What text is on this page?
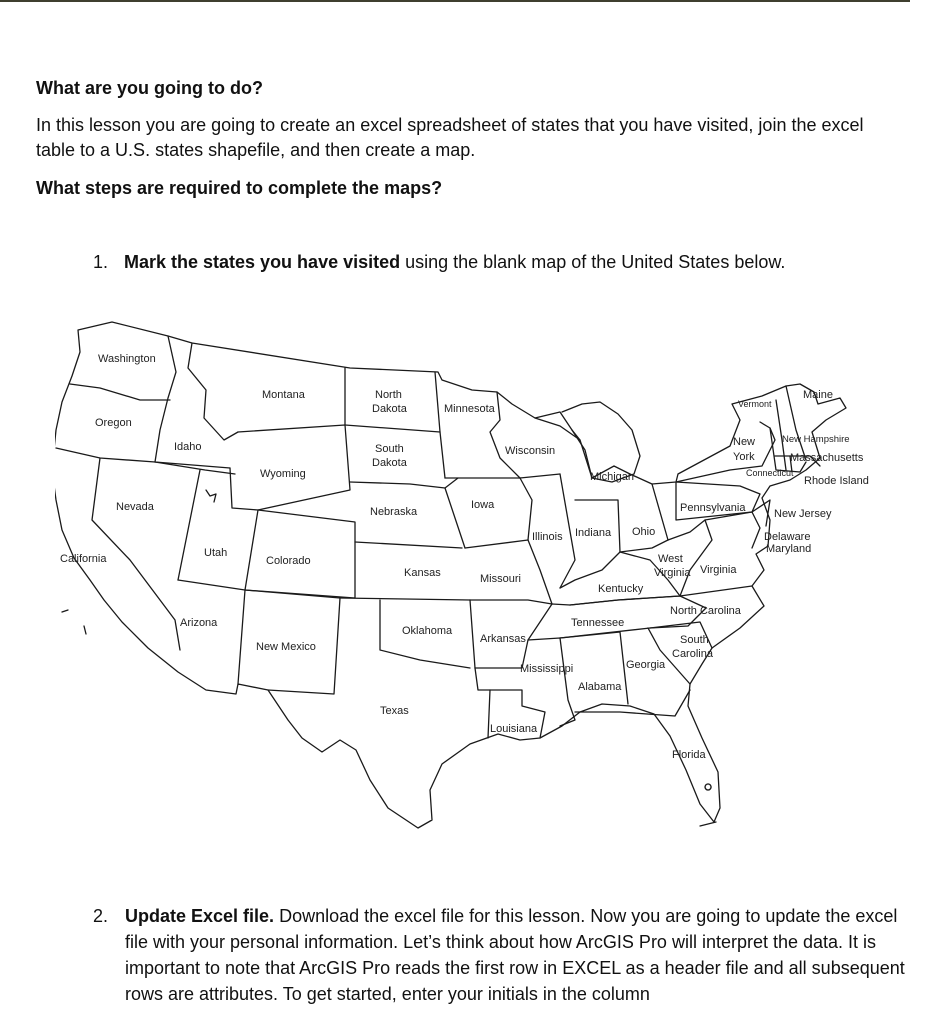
What are you going to do?
In this lesson you are going to create an excel spreadsheet of states that you have visited, join the excel table to a U.S. states shapefile, and then create a map.
What steps are required to complete the maps?
1. Mark the states you have visited using the blank map of the United States below.
Washington
Oregon
California
Idaho
Nevada
Montana
Wyoming
Utah
Arizona
Colorado
New Mexico
North
Dakota
South
Dakota
Nebraska
Kansas
Oklahoma
Texas
Minnesota
Iowa
Missouri
Arkansas
Louisiana
Wisconsin
Illinois
Michigan
Indiana Ohio
Kentucky
Tennessee
Mississippi
Alabama
Georgia
Florida
South
Carolina
North Carolina
Virginia
West
Virginia
Pennsylvania
New
York
Vermont
Maine
New Hampshire
Massachusetts
Connecticut
Rhode Island
New Jersey
Delaware
Maryland
2. Update Excel file. Download the excel file for this lesson. Now you are going to update the excel file with your personal information. Let’s think about how ArcGIS Pro will interpret the data. It is important to note that ArcGIS Pro reads the first row in EXCEL as a header file and all subsequent rows are attributes. To get started, enter your initials in the column
